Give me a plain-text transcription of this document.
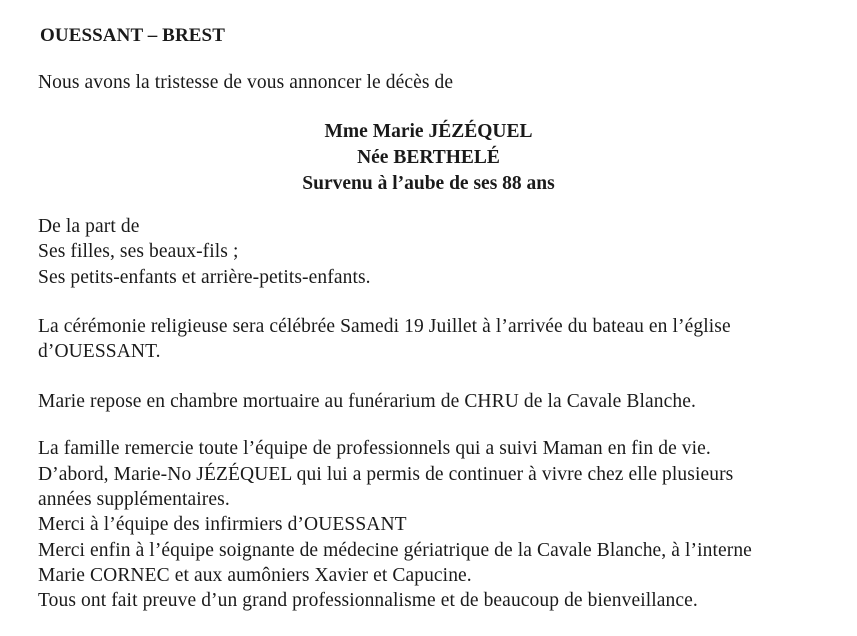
OUESSANT – BREST
Nous avons la tristesse de vous annoncer le décès de
Mme Marie JÉZÉQUEL
Née BERTHELÉ
Survenu à l’aube de ses 88 ans
De la part de
Ses filles, ses beaux-fils ;
Ses petits-enfants et arrière-petits-enfants.
La cérémonie religieuse sera célébrée Samedi 19 Juillet à l’arrivée du bateau en l’église
d’OUESSANT.
Marie repose en chambre mortuaire au funérarium de CHRU de la Cavale Blanche.
La famille remercie toute l’équipe de professionnels qui a suivi Maman en fin de vie.
D’abord, Marie-No JÉZÉQUEL qui lui a permis de continuer à vivre chez elle plusieurs
années supplémentaires.
Merci à l’équipe des infirmiers d’OUESSANT
Merci enfin à l’équipe soignante de médecine gériatrique de la Cavale Blanche, à l’interne
Marie CORNEC et aux aumôniers Xavier et Capucine.
Tous ont fait preuve d’un grand professionnalisme et de beaucoup de bienveillance.
